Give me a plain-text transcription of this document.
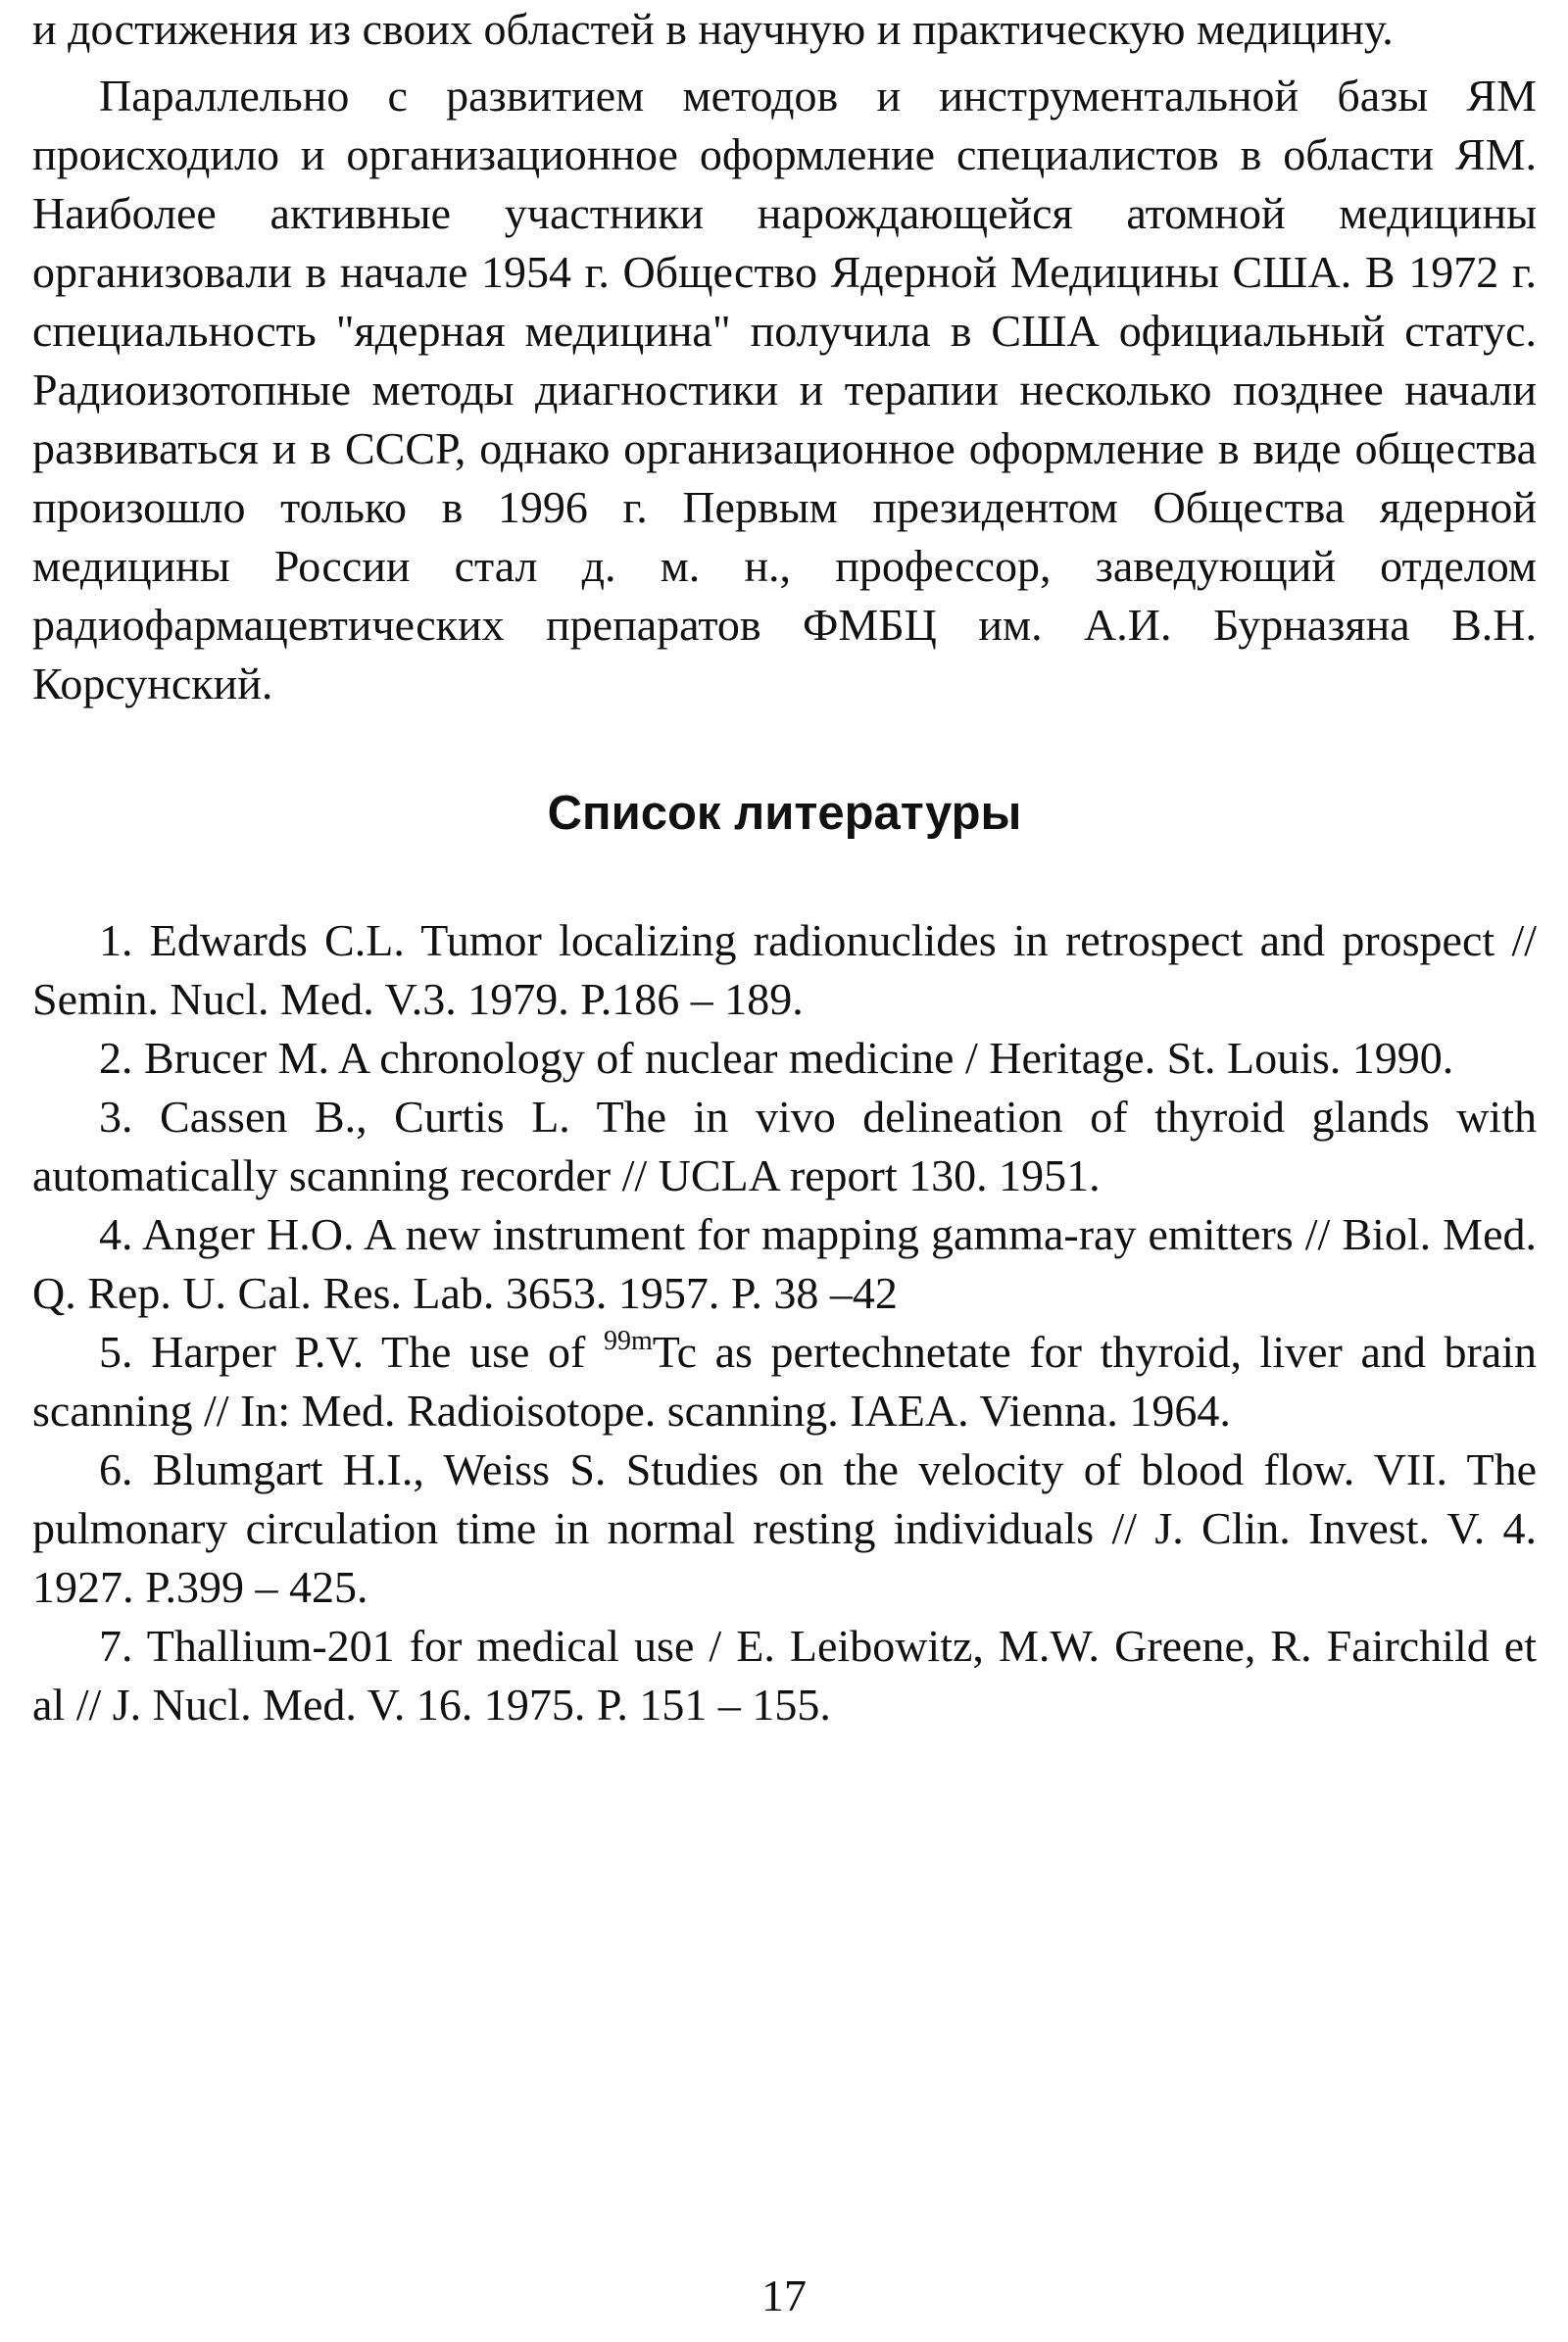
и достижения из своих областей в научную и практическую медицину.

Параллельно с развитием методов и инструментальной базы ЯМ происходило и организационное оформление специалистов в области ЯМ. Наиболее активные участники нарождающейся атомной медицины организовали в начале 1954 г. Общество Ядерной Медицины США. В 1972 г. специальность "ядерная медицина" получила в США официальный статус. Радиоизотопные методы диагностики и терапии несколько позднее начали развиваться и в СССР, однако организационное оформление в виде общества произошло только в 1996 г. Первым президентом Общества ядерной медицины России стал д. м. н., профессор, заведующий отделом радиофармацевтических препаратов ФМБЦ им. А.И. Бурназяна В.Н. Корсунский.

Список литературы

1. Edwards C.L. Tumor localizing radionuclides in retrospect and prospect // Semin. Nucl. Med. V.3. 1979. P.186 – 189.

2. Brucer M. A chronology of nuclear medicine / Heritage. St. Louis. 1990.

3. Cassen B., Curtis L. The in vivo delineation of thyroid glands with automatically scanning recorder // UCLA report 130. 1951.

4. Anger H.O. A new instrument for mapping gamma-ray emitters // Biol. Med. Q. Rep. U. Cal. Res. Lab. 3653. 1957. P. 38 –42

5. Harper P.V. The use of $^{99m}$Tc as pertechnetate for thyroid, liver and brain scanning // In: Med. Radioisotope. scanning. IAEA. Vienna. 1964.

6. Blumgart H.I., Weiss S. Studies on the velocity of blood flow. VII. The pulmonary circulation time in normal resting individuals // J. Clin. Invest. V. 4. 1927. P.399 – 425.

7. Thallium-201 for medical use / E. Leibowitz, M.W. Greene, R. Fairchild et al // J. Nucl. Med. V. 16. 1975. P. 151 – 155.

17
